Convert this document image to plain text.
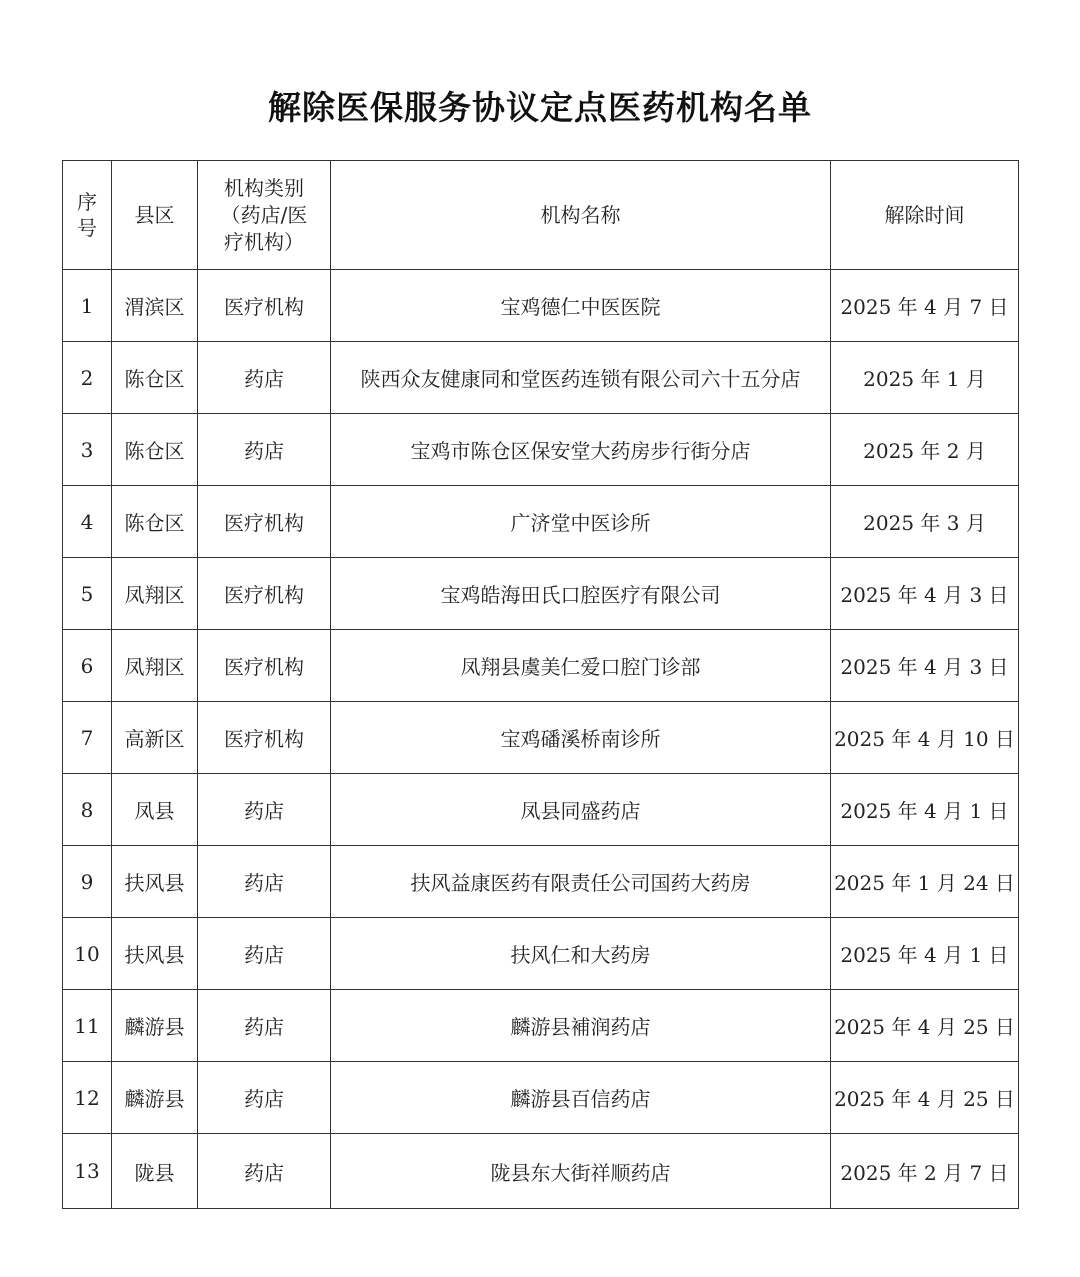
解除医保服务协议定点医药机构名单
序号	县区	机构类别（药店/医疗机构）	机构名称	解除时间
1	渭滨区	医疗机构	宝鸡德仁中医医院	2025 年 4 月 7 日
2	陈仓区	药店	陕西众友健康同和堂医药连锁有限公司六十五分店	2025 年 1 月
3	陈仓区	药店	宝鸡市陈仓区保安堂大药房步行街分店	2025 年 2 月
4	陈仓区	医疗机构	广济堂中医诊所	2025 年 3 月
5	凤翔区	医疗机构	宝鸡皓海田氏口腔医疗有限公司	2025 年 4 月 3 日
6	凤翔区	医疗机构	凤翔县虞美仁爱口腔门诊部	2025 年 4 月 3 日
7	高新区	医疗机构	宝鸡磻溪桥南诊所	2025 年 4 月 10 日
8	凤县	药店	凤县同盛药店	2025 年 4 月 1 日
9	扶风县	药店	扶风益康医药有限责任公司国药大药房	2025 年 1 月 24 日
10	扶风县	药店	扶风仁和大药房	2025 年 4 月 1 日
11	麟游县	药店	麟游县補润药店	2025 年 4 月 25 日
12	麟游县	药店	麟游县百信药店	2025 年 4 月 25 日
13	陇县	药店	陇县东大街祥顺药店	2025 年 2 月 7 日
